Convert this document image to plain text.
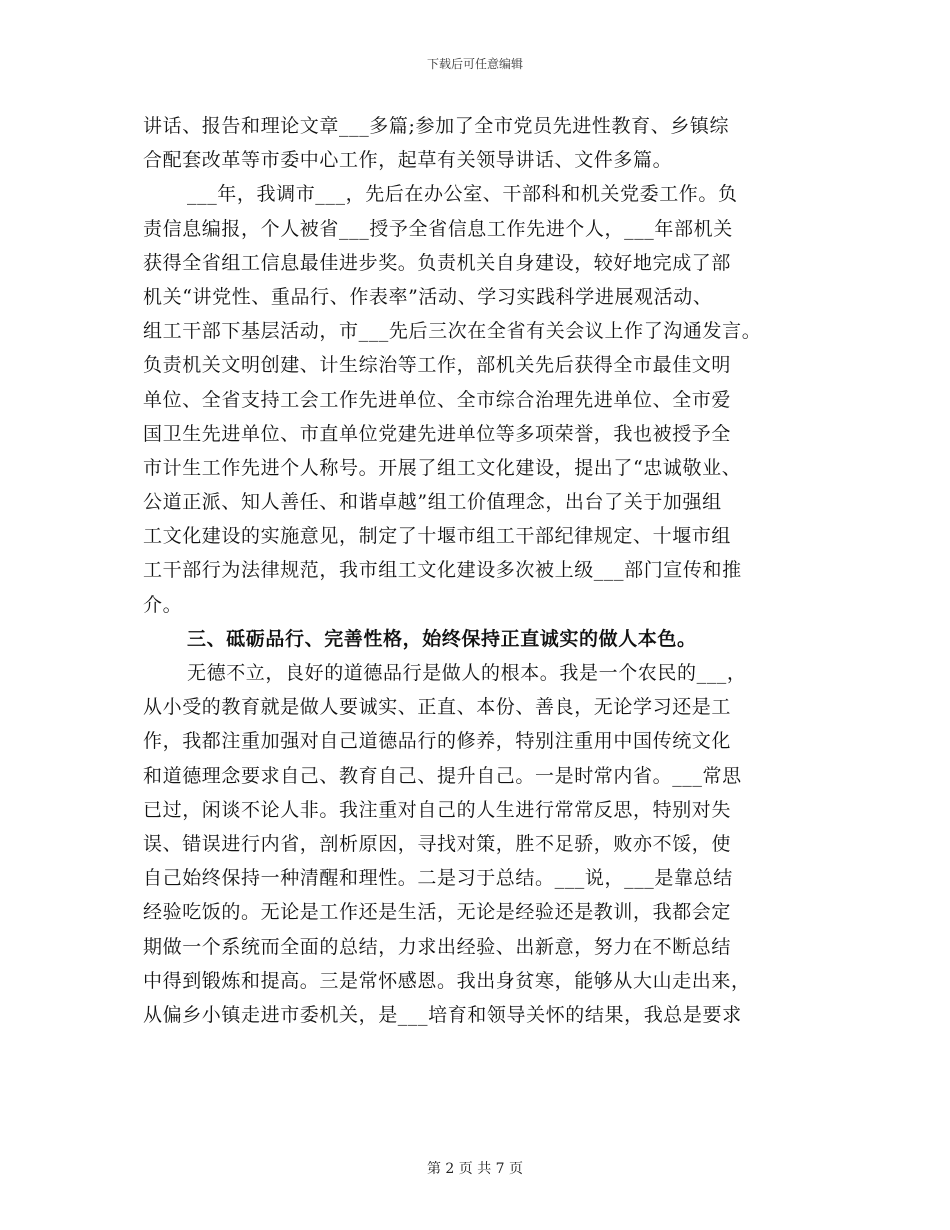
下载后可任意编辑
讲话、报告和理论文章___多篇;参加了全市党员先进性教育、乡镇综
合配套改革等市委中心工作，起草有关领导讲话、文件多篇。
___年，我调市___，先后在办公室、干部科和机关党委工作。负
责信息编报，个人被省___授予全省信息工作先进个人，___年部机关
获得全省组工信息最佳进步奖。负责机关自身建设，较好地完成了部
机关“讲党性、重品行、作表率”活动、学习实践科学进展观活动、
组工干部下基层活动，市___先后三次在全省有关会议上作了沟通发言。
负责机关文明创建、计生综治等工作，部机关先后获得全市最佳文明
单位、全省支持工会工作先进单位、全市综合治理先进单位、全市爱
国卫生先进单位、市直单位党建先进单位等多项荣誉，我也被授予全
市计生工作先进个人称号。开展了组工文化建设，提出了“忠诚敬业、
公道正派、知人善任、和谐卓越”组工价值理念，出台了关于加强组
工文化建设的实施意见，制定了十堰市组工干部纪律规定、十堰市组
工干部行为法律规范，我市组工文化建设多次被上级___部门宣传和推
介。
三、砥砺品行、完善性格，始终保持正直诚实的做人本色。
无德不立，良好的道德品行是做人的根本。我是一个农民的___，
从小受的教育就是做人要诚实、正直、本份、善良，无论学习还是工
作，我都注重加强对自己道德品行的修养，特别注重用中国传统文化
和道德理念要求自己、教育自己、提升自己。一是时常内省。___常思
已过，闲谈不论人非。我注重对自己的人生进行常常反思，特别对失
误、错误进行内省，剖析原因，寻找对策，胜不足骄，败亦不馁，使
自己始终保持一种清醒和理性。二是习于总结。___说，___是靠总结
经验吃饭的。无论是工作还是生活，无论是经验还是教训，我都会定
期做一个系统而全面的总结，力求出经验、出新意，努力在不断总结
中得到锻炼和提高。三是常怀感恩。我出身贫寒，能够从大山走出来，
从偏乡小镇走进市委机关，是___培育和领导关怀的结果，我总是要求
第 2 页 共 7 页
